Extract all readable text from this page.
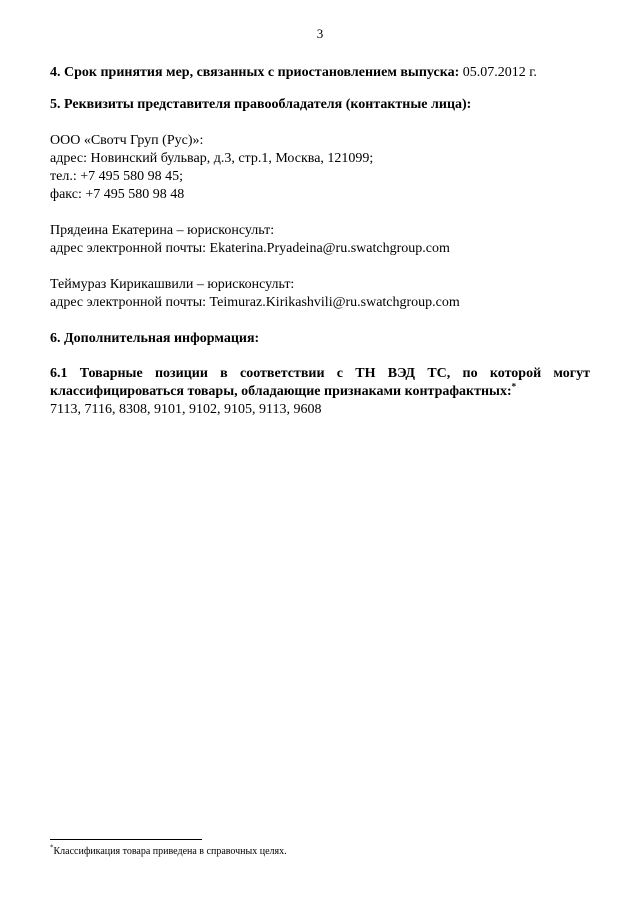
3

4. Срок принятия мер, связанных с приостановлением выпуска: 05.07.2012 г.

5. Реквизиты представителя правообладателя (контактные лица):

ООО «Свотч Груп (Рус)»:
адрес: Новинский бульвар, д.3, стр.1, Москва, 121099;
тел.: +7 495 580 98 45;
факс: +7 495 580 98 48
Прядеина Екатерина – юрисконсульт:
адрес электронной почты: Ekaterina.Pryadeina@ru.swatchgroup.com
Теймураз Кирикашвили – юрисконсульт:
адрес электронной почты: Teimuraz.Kirikashvili@ru.swatchgroup.com

6. Дополнительная информация:

6.1 Товарные позиции в соответствии с ТН ВЭД ТС, по которой могут
классифицироваться товары, обладающие признаками контрафактных:*
7113, 7116, 8308, 9101, 9102, 9105, 9113, 9608
*Классификация товара приведена в справочных целях.
